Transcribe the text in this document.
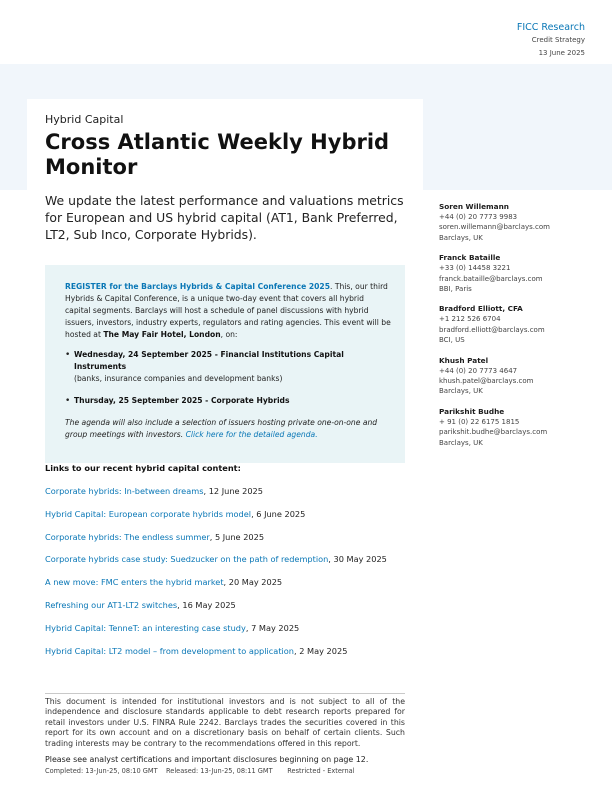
FICC Research
Credit Strategy
13 June 2025
Hybrid Capital
Cross Atlantic Weekly Hybrid Monitor
We update the latest performance and valuations metrics for European and US hybrid capital (AT1, Bank Preferred, LT2, Sub Inco, Corporate Hybrids).
REGISTER for the Barclays Hybrids & Capital Conference 2025. This, our third Hybrids & Capital Conference, is a unique two-day event that covers all hybrid capital segments. Barclays will host a schedule of panel discussions with hybrid issuers, investors, industry experts, regulators and rating agencies. This event will be hosted at The May Fair Hotel, London, on:
• Wednesday, 24 September 2025 - Financial Institutions Capital Instruments
(banks, insurance companies and development banks)
• Thursday, 25 September 2025 - Corporate Hybrids
The agenda will also include a selection of issuers hosting private one-on-one and group meetings with investors. Click here for the detailed agenda.
Links to our recent hybrid capital content:
Corporate hybrids: In-between dreams, 12 June 2025
Hybrid Capital: European corporate hybrids model, 6 June 2025
Corporate hybrids: The endless summer, 5 June 2025
Corporate hybrids case study: Suedzucker on the path of redemption, 30 May 2025
A new move: FMC enters the hybrid market, 20 May 2025
Refreshing our AT1-LT2 switches, 16 May 2025
Hybrid Capital: TenneT: an interesting case study, 7 May 2025
Hybrid Capital: LT2 model – from development to application, 2 May 2025
Soren Willemann
+44 (0) 20 7773 9983
soren.willemann@barclays.com
Barclays, UK
Franck Bataille
+33 (0) 14458 3221
franck.bataille@barclays.com
BBI, Paris
Bradford Elliott, CFA
+1 212 526 6704
bradford.elliott@barclays.com
BCI, US
Khush Patel
+44 (0) 20 7773 4647
khush.patel@barclays.com
Barclays, UK
Parikshit Budhe
+ 91 (0) 22 6175 1815
parikshit.budhe@barclays.com
Barclays, UK
This document is intended for institutional investors and is not subject to all of the independence and disclosure standards applicable to debt research reports prepared for retail investors under U.S. FINRA Rule 2242. Barclays trades the securities covered in this report for its own account and on a discretionary basis on behalf of certain clients. Such trading interests may be contrary to the recommendations offered in this report.
Please see analyst certifications and important disclosures beginning on page 12.
Completed: 13-Jun-25, 08:10 GMT Released: 13-Jun-25, 08:11 GMT Restricted - External
